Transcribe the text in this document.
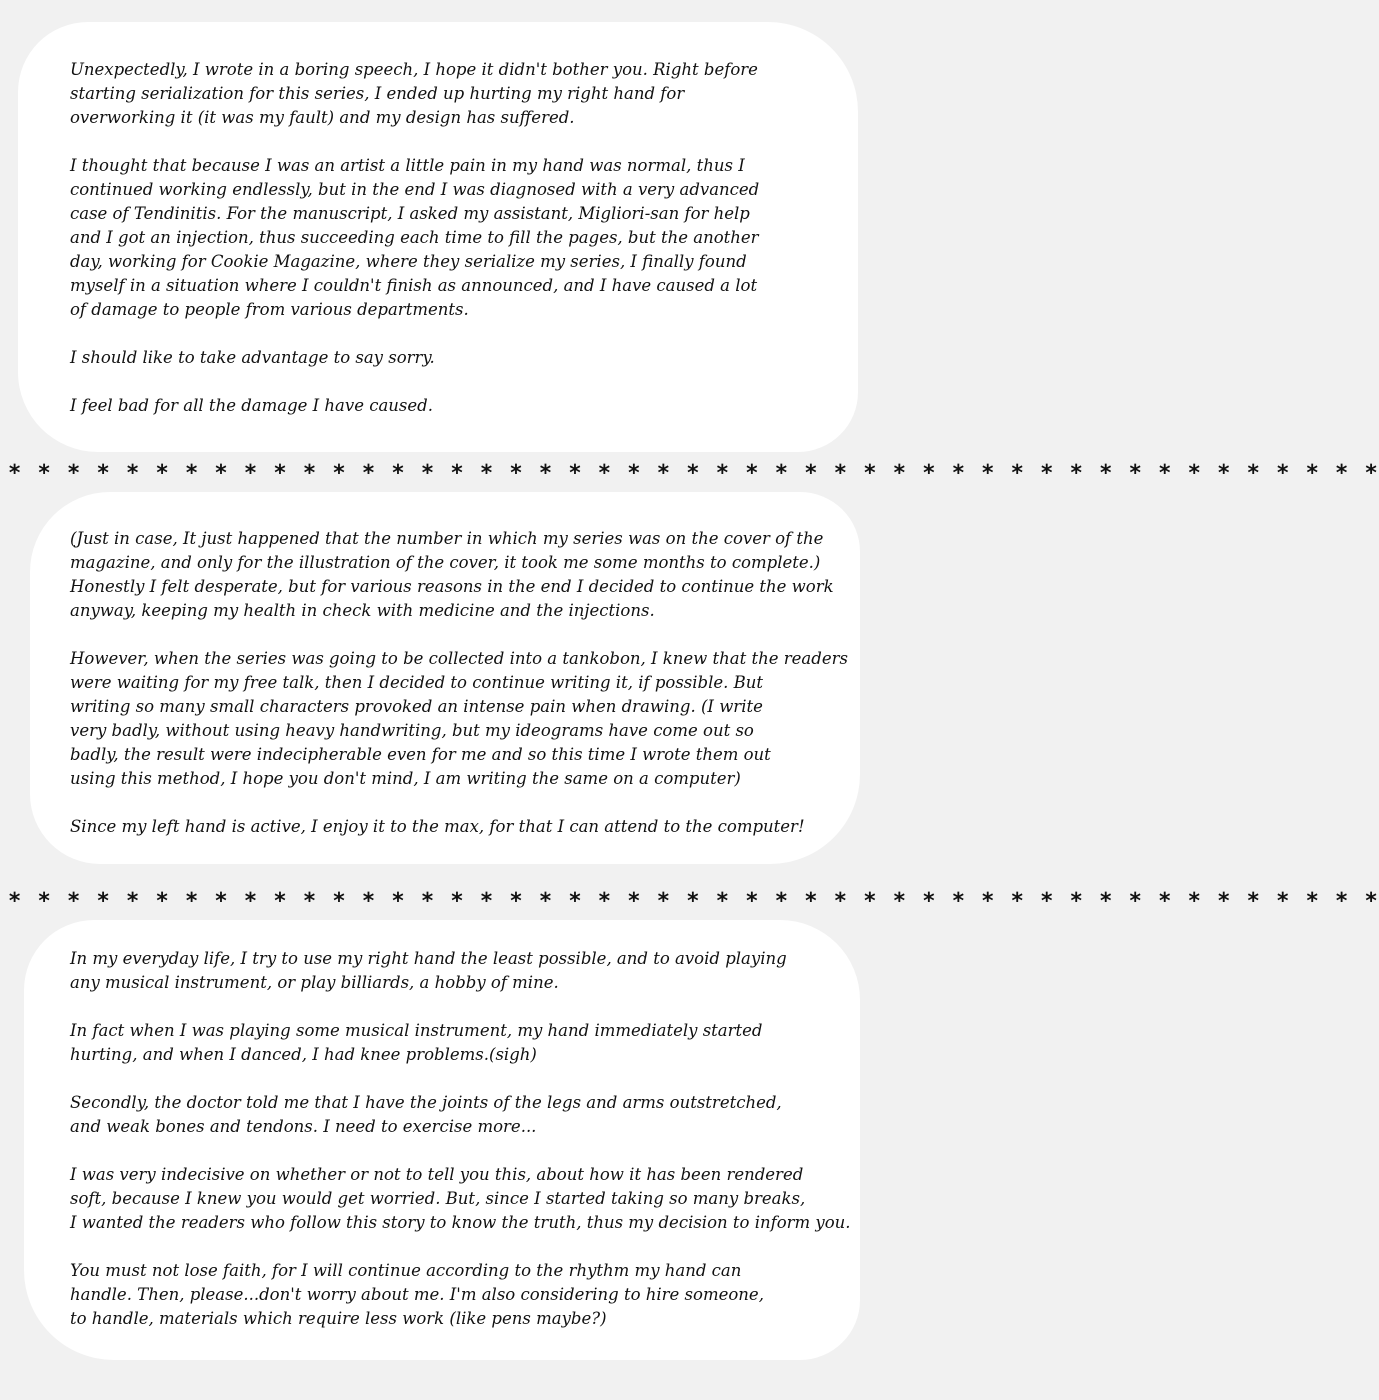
Unexpectedly, I wrote in a boring speech, I hope it didn't bother you. Right before
starting serialization for this series, I ended up hurting my right hand for
overworking it (it was my fault) and my design has suffered.

I thought that because I was an artist a little pain in my hand was normal, thus I
continued working endlessly, but in the end I was diagnosed with a very advanced
case of Tendinitis. For the manuscript, I asked my assistant, Migliori-san for help
and I got an injection, thus succeeding each time to fill the pages, but the another
day, working for Cookie Magazine, where they serialize my series, I finally found
myself in a situation where I couldn't finish as announced, and I have caused a lot
of damage to people from various departments.

I should like to take advantage to say sorry.

I feel bad for all the damage I have caused.

* * * * * * * * * * * * * * * * * * * * * * * * * * * * * * * * * * * * * * * * * * * * * * *

(Just in case, It just happened that the number in which my series was on the cover of the
magazine, and only for the illustration of the cover, it took me some months to complete.)
Honestly I felt desperate, but for various reasons in the end I decided to continue the work
anyway, keeping my health in check with medicine and the injections.

However, when the series was going to be collected into a tankobon, I knew that the readers
were waiting for my free talk, then I decided to continue writing it, if possible. But
writing so many small characters provoked an intense pain when drawing. (I write
very badly, without using heavy handwriting, but my ideograms have come out so
badly, the result were indecipherable even for me and so this time I wrote them out
using this method, I hope you don't mind, I am writing the same on a computer)

Since my left hand is active, I enjoy it to the max, for that I can attend to the computer!

* * * * * * * * * * * * * * * * * * * * * * * * * * * * * * * * * * * * * * * * * * * * * * *

In my everyday life, I try to use my right hand the least possible, and to avoid playing
any musical instrument, or play billiards, a hobby of mine.

In fact when I was playing some musical instrument, my hand immediately started
hurting, and when I danced, I had knee problems.(sigh)

Secondly, the doctor told me that I have the joints of the legs and arms outstretched,
and weak bones and tendons. I need to exercise more...

I was very indecisive on whether or not to tell you this, about how it has been rendered
soft, because I knew you would get worried. But, since I started taking so many breaks,
I wanted the readers who follow this story to know the truth, thus my decision to inform you.

You must not lose faith, for I will continue according to the rhythm my hand can
handle. Then, please...don't worry about me. I'm also considering to hire someone,
to handle, materials which require less work (like pens maybe?)
